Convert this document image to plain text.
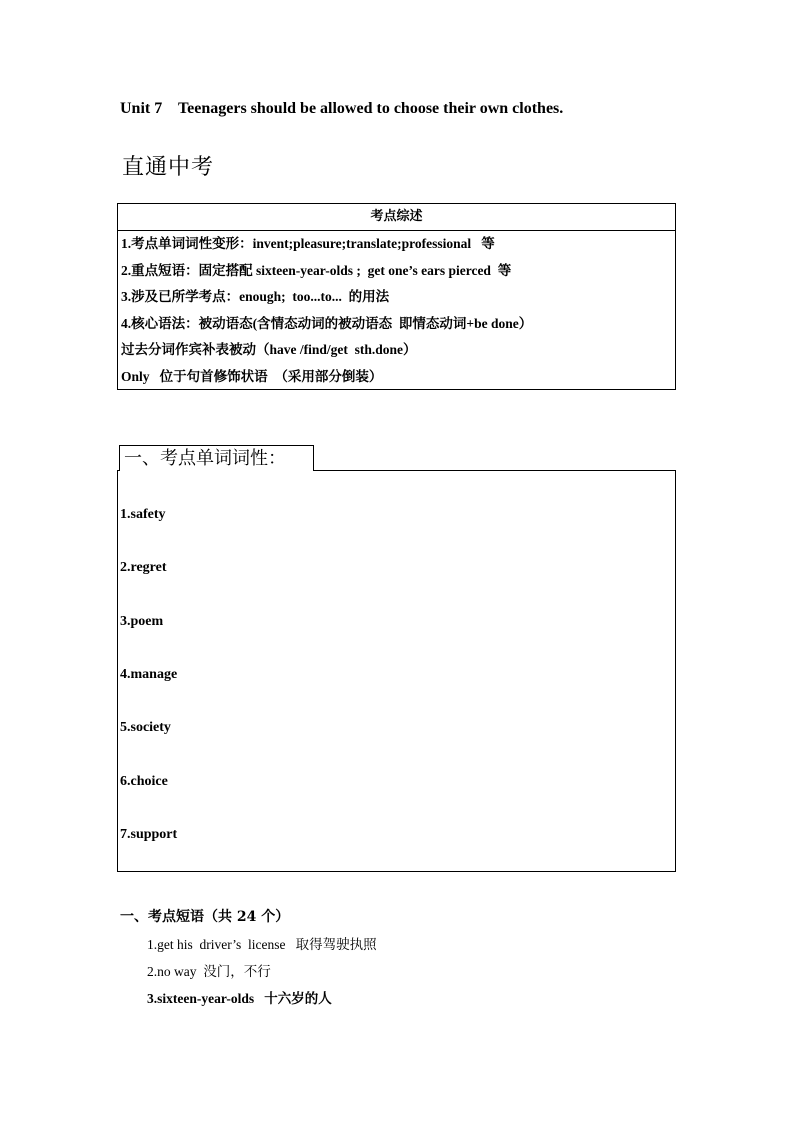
Unit 7    Teenagers should be allowed to choose their own clothes.
直通中考
考点综述
1.考点单词词性变形：invent;pleasure;translate;professional   等
2.重点短语：固定搭配 sixteen-year-olds ;  get one’s ears pierced  等
3.涉及已所学考点：enough;  too...to...  的用法
4.核心语法：被动语态(含情态动词的被动语态  即情态动词+be done）
过去分词作宾补表被动（have /find/get  sth.done）
Only   位于句首修饰状语  （采用部分倒装）
一、考点单词词性：
1.safety
2.regret
3.poem
4.manage
5.society
6.choice
7.support
一、考点短语（共 24 个）
1.get his  driver’s  license   取得驾驶执照
2.no way  没门，不行
3.sixteen-year-olds   十六岁的人
